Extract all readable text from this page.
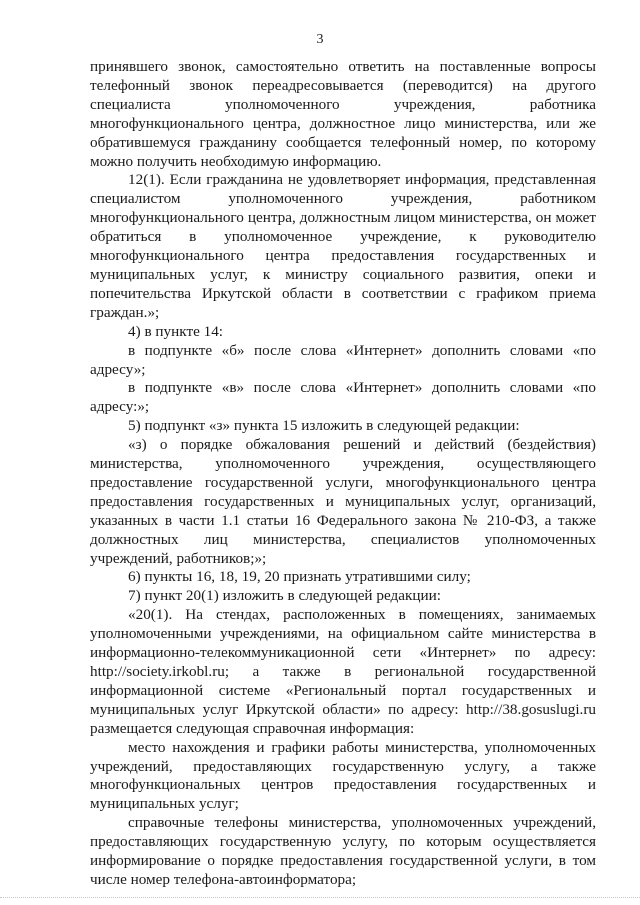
3

принявшего звонок, самостоятельно ответить на поставленные вопросы телефонный звонок переадресовывается (переводится) на другого специалиста уполномоченного учреждения, работника многофункционального центра, должностное лицо министерства, или же обратившемуся гражданину сообщается телефонный номер, по которому можно получить необходимую информацию.

12(1). Если гражданина не удовлетворяет информация, представленная специалистом уполномоченного учреждения, работником многофункционального центра, должностным лицом министерства, он может обратиться в уполномоченное учреждение, к руководителю многофункционального центра предоставления государственных и муниципальных услуг, к министру социального развития, опеки и попечительства Иркутской области в соответствии с графиком приема граждан.»;

4) в пункте 14:

в подпункте «б» после слова «Интернет» дополнить словами «по адресу»;

в подпункте «в» после слова «Интернет» дополнить словами «по адресу:»;

5) подпункт «з» пункта 15 изложить в следующей редакции:

«з) о порядке обжалования решений и действий (бездействия) министерства, уполномоченного учреждения, осуществляющего предоставление государственной услуги, многофункционального центра предоставления государственных и муниципальных услуг, организаций, указанных в части 1.1 статьи 16 Федерального закона № 210-ФЗ, а также должностных лиц министерства, специалистов уполномоченных учреждений, работников;»;

6) пункты 16, 18, 19, 20 признать утратившими силу;

7) пункт 20(1) изложить в следующей редакции:

«20(1). На стендах, расположенных в помещениях, занимаемых уполномоченными учреждениями, на официальном сайте министерства в информационно-телекоммуникационной сети «Интернет» по адресу: http://society.irkobl.ru; а также в региональной государственной информационной системе «Региональный портал государственных и муниципальных услуг Иркутской области» по адресу: http://38.gosuslugi.ru размещается следующая справочная информация:

место нахождения и графики работы министерства, уполномоченных учреждений, предоставляющих государственную услугу, а также многофункциональных центров предоставления государственных и муниципальных услуг;

справочные телефоны министерства, уполномоченных учреждений, предоставляющих государственную услугу, по которым осуществляется информирование о порядке предоставления государственной услуги, в том числе номер телефона-автоинформатора;
